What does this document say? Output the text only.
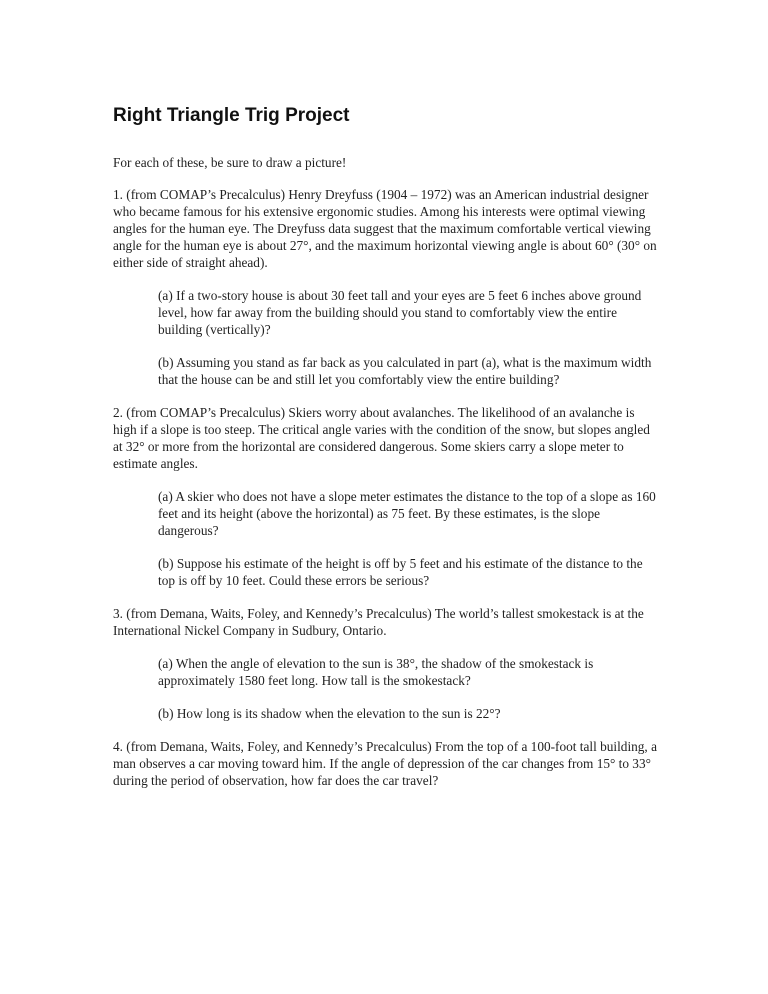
Right Triangle Trig Project

For each of these, be sure to draw a picture!

1. (from COMAP’s Precalculus) Henry Dreyfuss (1904 – 1972) was an American industrial designer who became famous for his extensive ergonomic studies. Among his interests were optimal viewing angles for the human eye. The Dreyfuss data suggest that the maximum comfortable vertical viewing angle for the human eye is about 27°, and the maximum horizontal viewing angle is about 60° (30° on either side of straight ahead).

(a) If a two-story house is about 30 feet tall and your eyes are 5 feet 6 inches above ground level, how far away from the building should you stand to comfortably view the entire building (vertically)?

(b) Assuming you stand as far back as you calculated in part (a), what is the maximum width that the house can be and still let you comfortably view the entire building?

2. (from COMAP’s Precalculus) Skiers worry about avalanches. The likelihood of an avalanche is high if a slope is too steep. The critical angle varies with the condition of the snow, but slopes angled at 32° or more from the horizontal are considered dangerous. Some skiers carry a slope meter to estimate angles.

(a) A skier who does not have a slope meter estimates the distance to the top of a slope as 160 feet and its height (above the horizontal) as 75 feet. By these estimates, is the slope dangerous?

(b) Suppose his estimate of the height is off by 5 feet and his estimate of the distance to the top is off by 10 feet. Could these errors be serious?

3. (from Demana, Waits, Foley, and Kennedy’s Precalculus) The world’s tallest smokestack is at the International Nickel Company in Sudbury, Ontario.

(a) When the angle of elevation to the sun is 38°, the shadow of the smokestack is approximately 1580 feet long. How tall is the smokestack?

(b) How long is its shadow when the elevation to the sun is 22°?

4. (from Demana, Waits, Foley, and Kennedy’s Precalculus) From the top of a 100-foot tall building, a man observes a car moving toward him. If the angle of depression of the car changes from 15° to 33° during the period of observation, how far does the car travel?
